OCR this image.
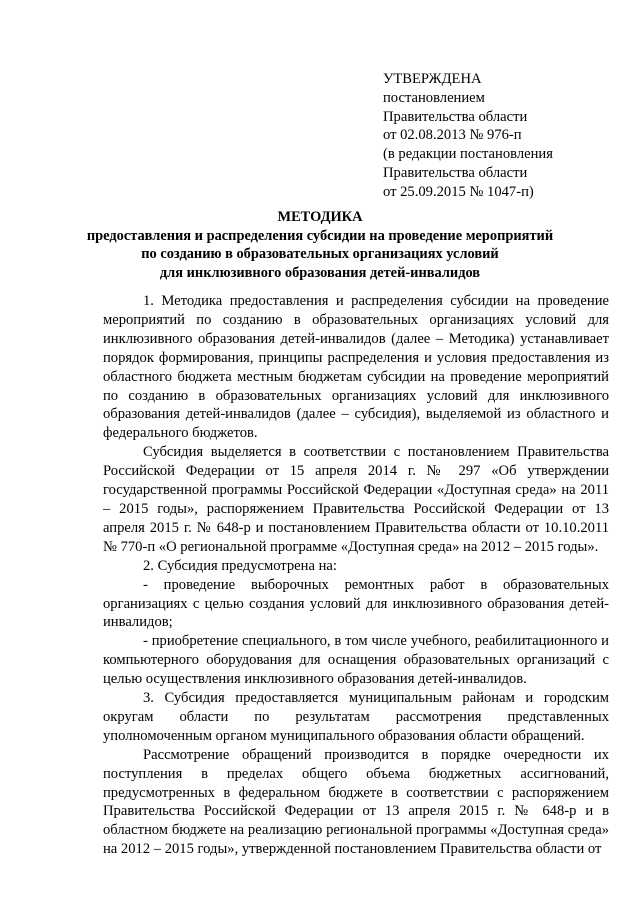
УТВЕРЖДЕНА
постановлением
Правительства области
от 02.08.2013 № 976-п
(в редакции постановления
Правительства области
от 25.09.2015 № 1047-п)
МЕТОДИКА
предоставления и распределения субсидии на проведение мероприятий
по созданию в образовательных организациях условий
для инклюзивного образования детей-инвалидов

1. Методика предоставления и распределения субсидии на проведение мероприятий по созданию в образовательных организациях условий для инклюзивного образования детей-инвалидов (далее – Методика) устанавливает порядок формирования, принципы распределения и условия предоставления из областного бюджета местным бюджетам субсидии на проведение мероприятий по созданию в образовательных организациях условий для инклюзивного образования детей-инвалидов (далее – субсидия), выделяемой из областного и федерального бюджетов.

Субсидия выделяется в соответствии с постановлением Правительства Российской Федерации от 15 апреля 2014 г. № 297 «Об утверждении государственной программы Российской Федерации «Доступная среда» на 2011 – 2015 годы», распоряжением Правительства Российской Федерации от 13 апреля 2015 г. № 648-р и постановлением Правительства области от 10.10.2011 № 770-п «О региональной программе «Доступная среда» на 2012 – 2015 годы».

2. Субсидия предусмотрена на:

- проведение выборочных ремонтных работ в образовательных организациях с целью создания условий для инклюзивного образования детей-инвалидов;

- приобретение специального, в том числе учебного, реабилитационного и компьютерного оборудования для оснащения образовательных организаций с целью осуществления инклюзивного образования детей-инвалидов.

3. Субсидия предоставляется муниципальным районам и городским округам области по результатам рассмотрения представленных уполномоченным органом муниципального образования области обращений.

Рассмотрение обращений производится в порядке очередности их поступления в пределах общего объема бюджетных ассигнований, предусмотренных в федеральном бюджете в соответствии с распоряжением Правительства Российской Федерации от 13 апреля 2015 г. № 648-р и в областном бюджете на реализацию региональной программы «Доступная среда» на 2012 – 2015 годы», утвержденной постановлением Правительства области от
